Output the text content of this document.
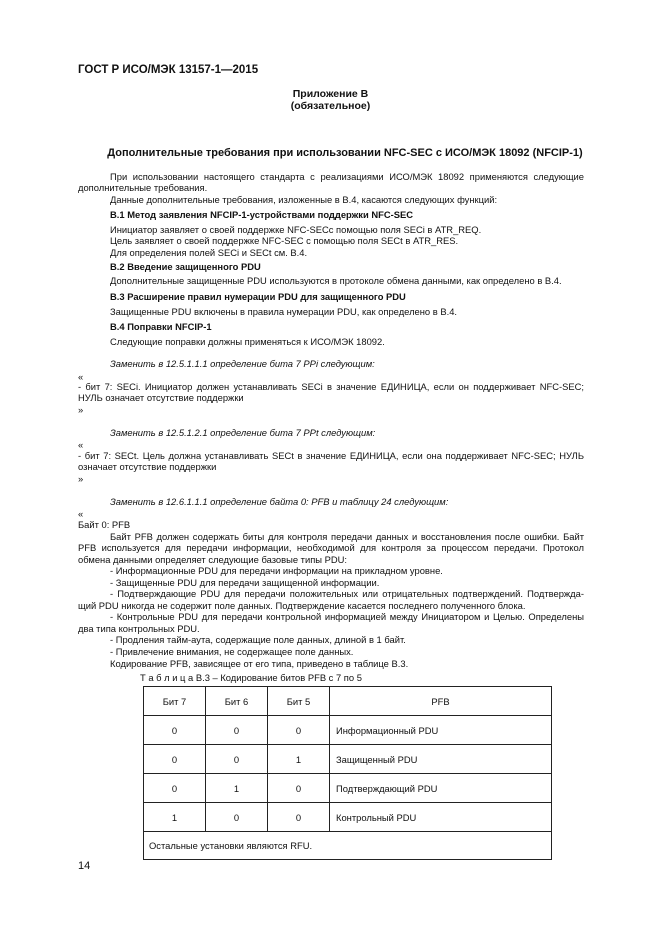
ГОСТ Р ИСО/МЭК 13157-1—2015
Приложение В
(обязательное)
Дополнительные требования при использовании NFC-SEC с ИСО/МЭК 18092 (NFCIP-1)
При использовании настоящего стандарта с реализациями ИСО/МЭК 18092 применяются следующие
дополнительные требования.
Данные дополнительные требования, изложенные в В.4, касаются следующих функций:
В.1 Метод заявления NFCIP-1-устройствами поддержки NFC-SEC
Инициатор заявляет о своей поддержке NFC-SECс помощью поля SECi в ATR_REQ.
Цель заявляет о своей поддержке NFC-SEC с помощью поля SECt в ATR_RES.
Для определения полей SECi и SECt см. В.4.
В.2 Введение защищенного PDU
Дополнительные защищенные PDU используются в протоколе обмена данными, как определено в В.4.
В.3 Расширение правил нумерации PDU для защищенного PDU
Защищенные PDU включены в правила нумерации PDU, как определено в В.4.
В.4 Поправки NFCIP-1
Следующие поправки должны применяться к ИСО/МЭК 18092.
Заменить в 12.5.1.1.1 определение бита 7 PPi следующим:
«
- бит 7: SECi. Инициатор должен устанавливать SECi в значение ЕДИНИЦА, если он поддерживает NFC-SEC;
НУЛЬ означает отсутствие поддержки
»
Заменить в 12.5.1.2.1 определение бита 7 PPt следующим:
«
- бит 7: SECt. Цель должна устанавливать SECt в значение ЕДИНИЦА, если она поддерживает NFC-SEC; НУЛЬ
означает отсутствие поддержки
»
Заменить в 12.6.1.1.1 определение байта 0: PFB и таблицу 24 следующим:
«
Байт 0: PFB
Байт PFB должен содержать биты для контроля передачи данных и восстановления после ошибки. Байт
PFB используется для передачи информации, необходимой для контроля за процессом передачи. Протокол
обмена данными определяет следующие базовые типы PDU:
- Информационные PDU для передачи информации на прикладном уровне.
- Защищенные PDU для передачи защищенной информации.
- Подтверждающие PDU для передачи положительных или отрицательных подтверждений. Подтвержда-
щий PDU никогда не содержит поле данных. Подтверждение касается последнего полученного блока.
- Контрольные PDU для передачи контрольной информацией между Инициатором и Целью. Определены
два типа контрольных PDU.
- Продления тайм-аута, содержащие поле данных, длиной в 1 байт.
- Привлечение внимания, не содержащее поле данных.
Кодирование PFB, зависящее от его типа, приведено в таблице В.3.
Т а б л и ц а В.3 – Кодирование битов PFB с 7 по 5
Бит 7	Бит 6	Бит 5	PFB
0	0	0	Информационный PDU
0	0	1	Защищенный PDU
0	1	0	Подтверждающий PDU
1	0	0	Контрольный PDU
Остальные установки являются RFU.			
14
